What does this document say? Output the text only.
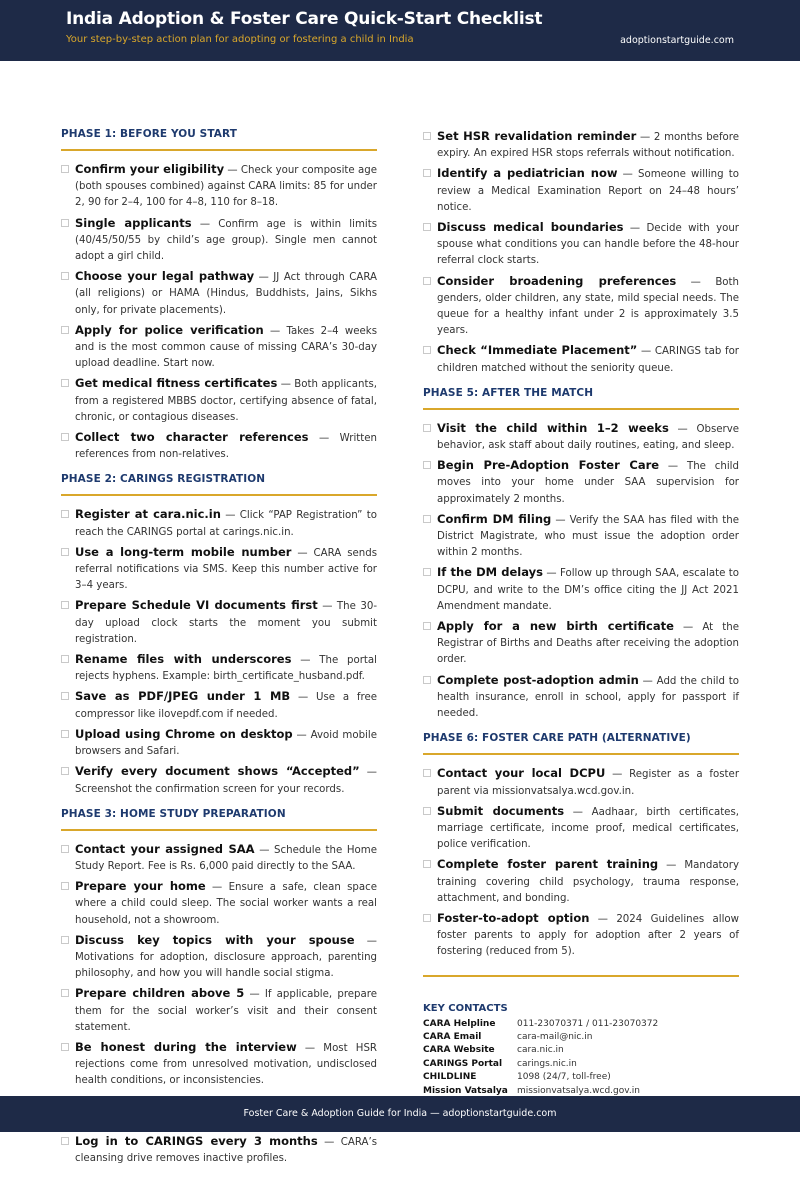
India Adoption & Foster Care Quick-Start Checklist
Your step-by-step action plan for adopting or fostering a child in India	adoptionstartguide.com
PHASE 1: BEFORE YOU START
Confirm your eligibility — Check your composite age (both spouses combined) against CARA limits: 85 for under 2, 90 for 2–4, 100 for 4–8, 110 for 8–18.
Single applicants — Confirm age is within limits (40/45/50/55 by child’s age group). Single men cannot adopt a girl child.
Choose your legal pathway — JJ Act through CARA (all religions) or HAMA (Hindus, Buddhists, Jains, Sikhs only, for private placements).
Apply for police verification — Takes 2–4 weeks and is the most common cause of missing CARA’s 30-day upload deadline. Start now.
Get medical fitness certificates — Both applicants, from a registered MBBS doctor, certifying absence of fatal, chronic, or contagious diseases.
Collect two character references — Written references from non-relatives.
PHASE 2: CARINGS REGISTRATION
Register at cara.nic.in — Click “PAP Registration” to reach the CARINGS portal at carings.nic.in.
Use a long-term mobile number — CARA sends referral notifications via SMS. Keep this number active for 3–4 years.
Prepare Schedule VI documents first — The 30-day upload clock starts the moment you submit registration.
Rename files with underscores — The portal rejects hyphens. Example: birth_certificate_husband.pdf.
Save as PDF/JPEG under 1 MB — Use a free compressor like ilovepdf.com if needed.
Upload using Chrome on desktop — Avoid mobile browsers and Safari.
Verify every document shows “Accepted” — Screenshot the confirmation screen for your records.
PHASE 3: HOME STUDY PREPARATION
Contact your assigned SAA — Schedule the Home Study Report. Fee is Rs. 6,000 paid directly to the SAA.
Prepare your home — Ensure a safe, clean space where a child could sleep. The social worker wants a real household, not a showroom.
Discuss key topics with your spouse — Motivations for adoption, disclosure approach, parenting philosophy, and how you will handle social stigma.
Prepare children above 5 — If applicable, prepare them for the social worker’s visit and their consent statement.
Be honest during the interview — Most HSR rejections come from unresolved motivation, undisclosed health conditions, or inconsistencies.
Log in to CARINGS every 3 months — CARA’s cleansing drive removes inactive profiles.
Set HSR revalidation reminder — 2 months before expiry. An expired HSR stops referrals without notification.
Identify a pediatrician now — Someone willing to review a Medical Examination Report on 24–48 hours’ notice.
Discuss medical boundaries — Decide with your spouse what conditions you can handle before the 48-hour referral clock starts.
Consider broadening preferences — Both genders, older children, any state, mild special needs. The queue for a healthy infant under 2 is approximately 3.5 years.
Check “Immediate Placement” — CARINGS tab for children matched without the seniority queue.
PHASE 5: AFTER THE MATCH
Visit the child within 1–2 weeks — Observe behavior, ask staff about daily routines, eating, and sleep.
Begin Pre-Adoption Foster Care — The child moves into your home under SAA supervision for approximately 2 months.
Confirm DM filing — Verify the SAA has filed with the District Magistrate, who must issue the adoption order within 2 months.
If the DM delays — Follow up through SAA, escalate to DCPU, and write to the DM’s office citing the JJ Act 2021 Amendment mandate.
Apply for a new birth certificate — At the Registrar of Births and Deaths after receiving the adoption order.
Complete post-adoption admin — Add the child to health insurance, enroll in school, apply for passport if needed.
PHASE 6: FOSTER CARE PATH (ALTERNATIVE)
Contact your local DCPU — Register as a foster parent via missionvatsalya.wcd.gov.in.
Submit documents — Aadhaar, birth certificates, marriage certificate, income proof, medical certificates, police verification.
Complete foster parent training — Mandatory training covering child psychology, trauma response, attachment, and bonding.
Foster-to-adopt option — 2024 Guidelines allow foster parents to apply for adoption after 2 years of fostering (reduced from 5).
KEY CONTACTS
CARA Helpline	011-23070371 / 011-23070372
CARA Email	cara-mail@nic.in
CARA Website	cara.nic.in
CARINGS Portal	carings.nic.in
CHILDLINE	1098 (24/7, toll-free)
Mission Vatsalya	missionvatsalya.wcd.gov.in
Foster Care & Adoption Guide for India — adoptionstartguide.com
